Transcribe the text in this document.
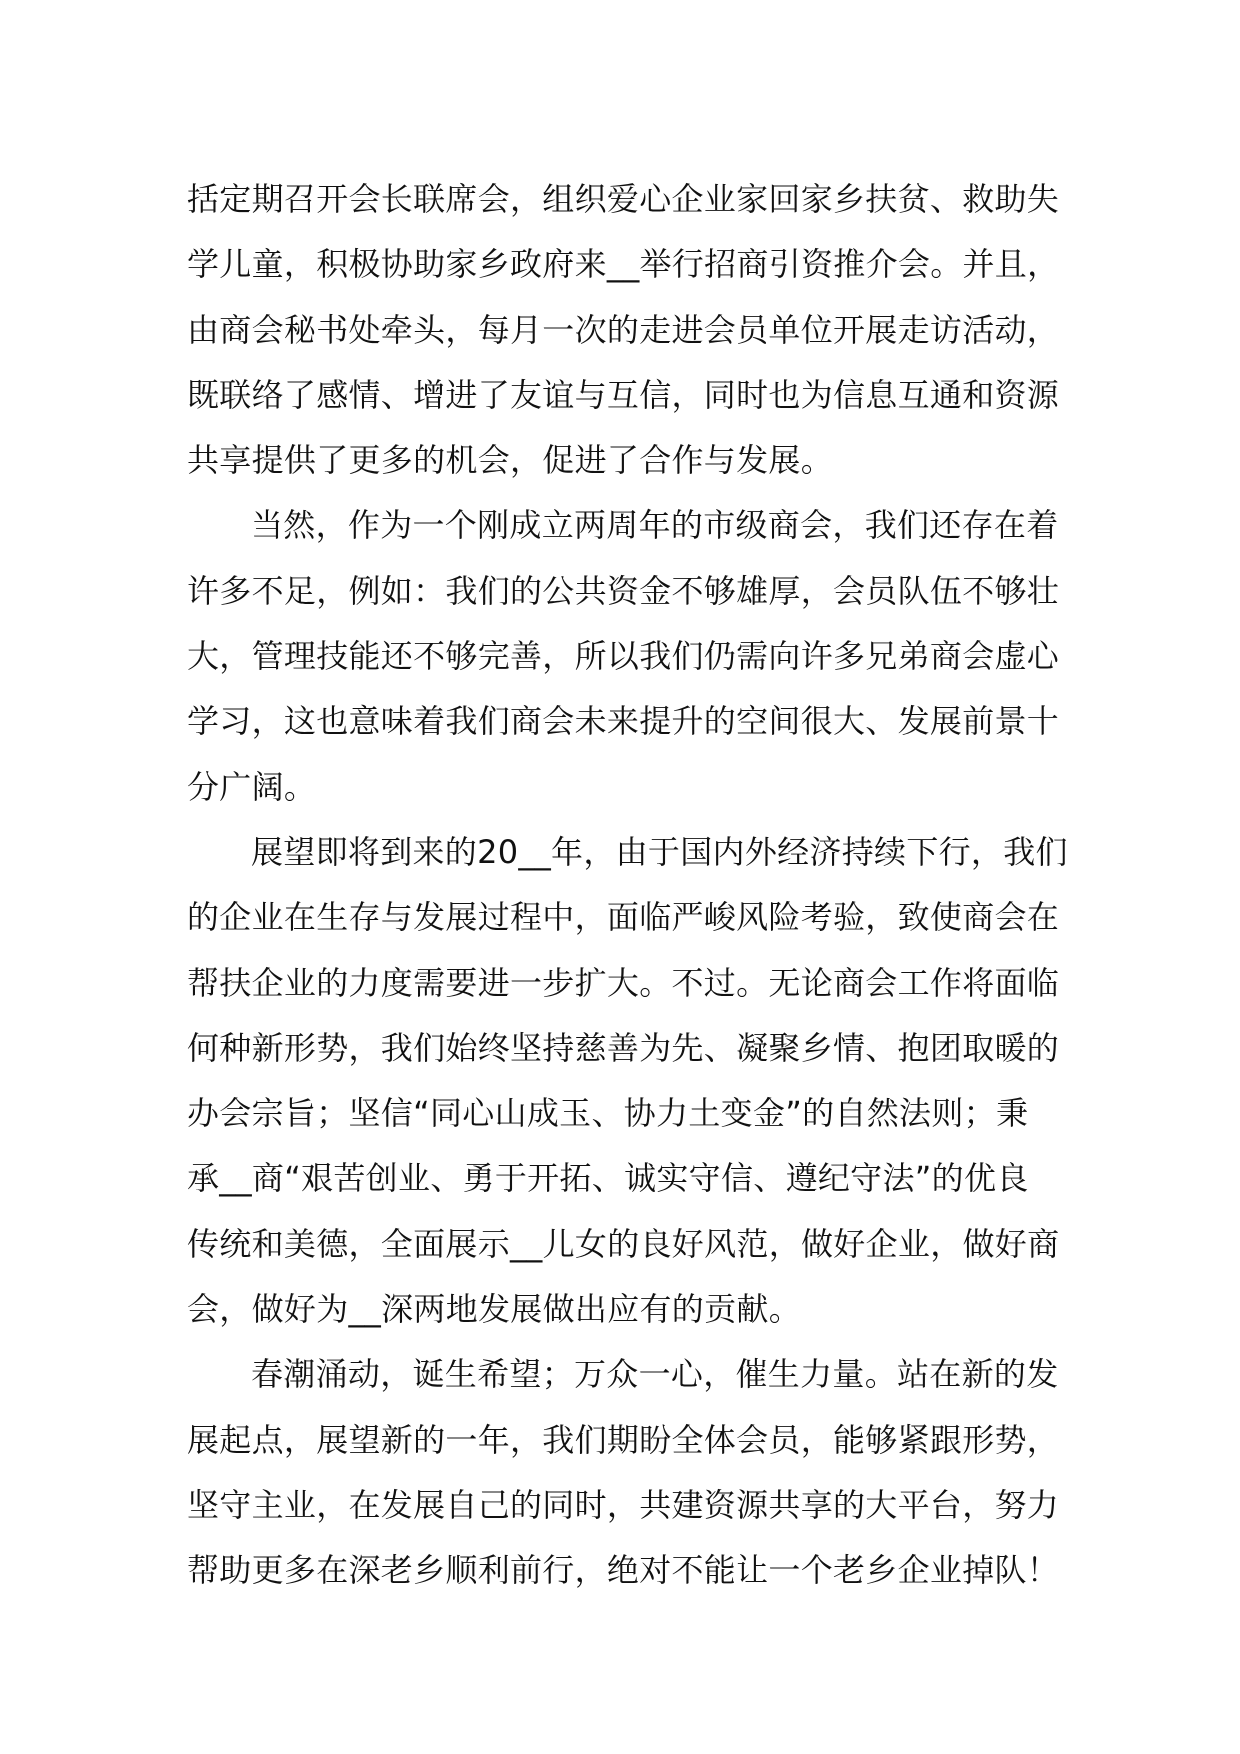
括定期召开会长联席会，组织爱心企业家回家乡扶贫、救助失
学儿童，积极协助家乡政府来__举行招商引资推介会。并且，
由商会秘书处牵头，每月一次的走进会员单位开展走访活动，
既联络了感情、增进了友谊与互信，同时也为信息互通和资源
共享提供了更多的机会，促进了合作与发展。
当然，作为一个刚成立两周年的市级商会，我们还存在着
许多不足，例如：我们的公共资金不够雄厚，会员队伍不够壮
大，管理技能还不够完善，所以我们仍需向许多兄弟商会虚心
学习，这也意味着我们商会未来提升的空间很大、发展前景十
分广阔。
展望即将到来的20__年，由于国内外经济持续下行，我们
的企业在生存与发展过程中，面临严峻风险考验，致使商会在
帮扶企业的力度需要进一步扩大。不过。无论商会工作将面临
何种新形势，我们始终坚持慈善为先、凝聚乡情、抱团取暖的
办会宗旨；坚信“同心山成玉、协力土变金”的自然法则；秉
承__商“艰苦创业、勇于开拓、诚实守信、遵纪守法”的优良
传统和美德，全面展示__儿女的良好风范，做好企业，做好商
会，做好为__深两地发展做出应有的贡献。
春潮涌动，诞生希望；万众一心，催生力量。站在新的发
展起点，展望新的一年，我们期盼全体会员，能够紧跟形势，
坚守主业，在发展自己的同时，共建资源共享的大平台，努力
帮助更多在深老乡顺利前行，绝对不能让一个老乡企业掉队！
